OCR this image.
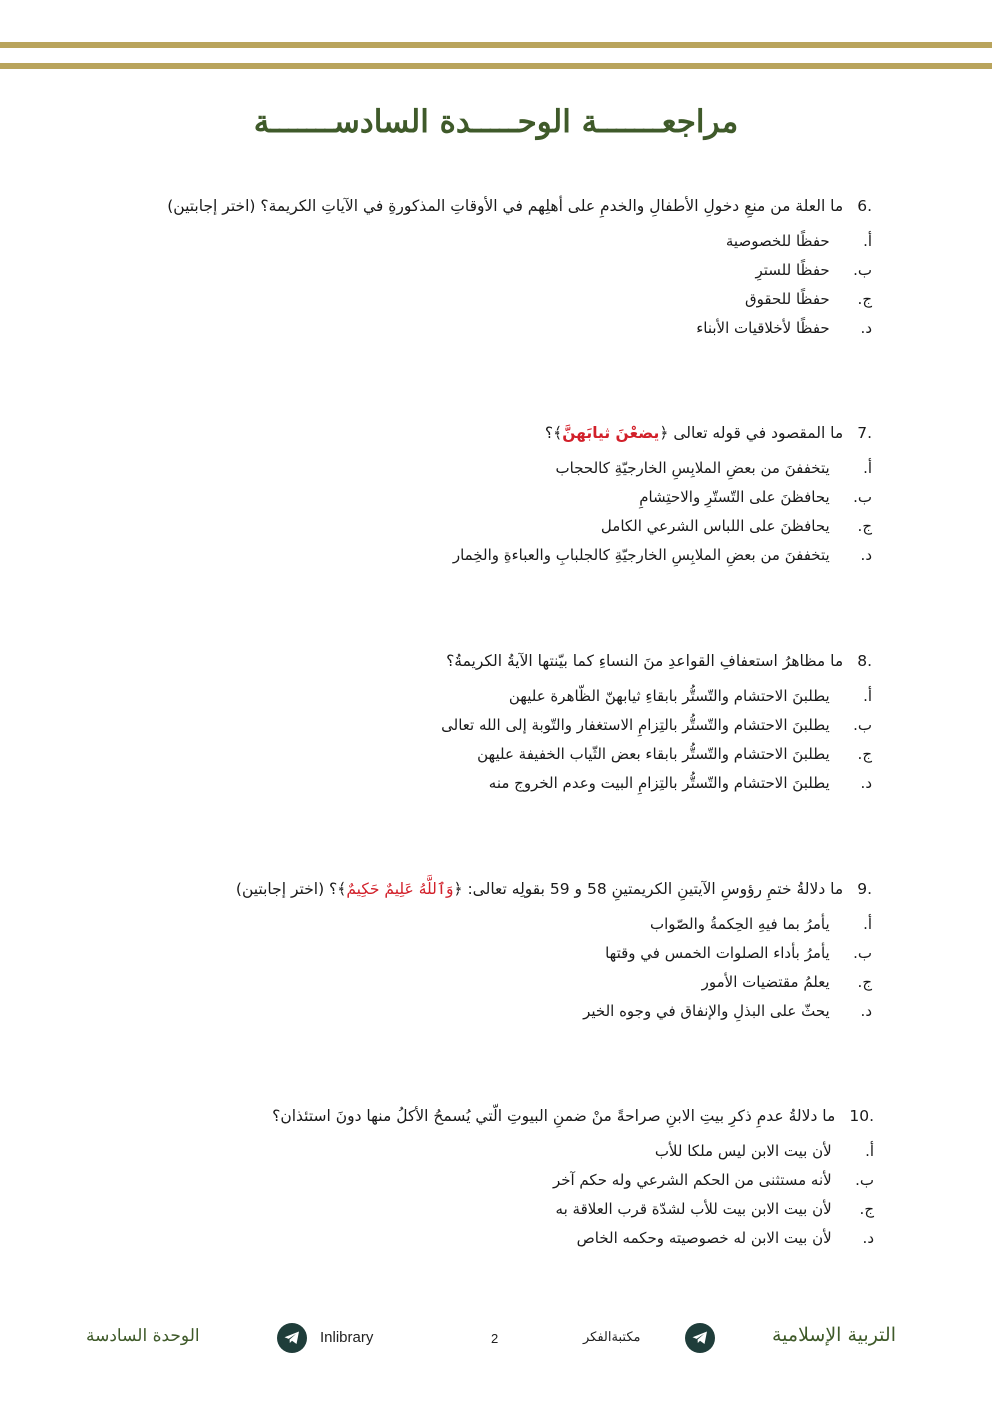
مراجعـــــــة الوحـــــدة السادســـــــة
6.ما العلة من منعِ دخولِ الأطفالِ والخدمِ على أهلِهم في الأوقاتِ المذكورةِ في الآياتِ الكريمة؟ (اختر إجابتين)
أ.   حفظًا للخصوصية
ب.   حفظًا للسترِ
ج.   حفظًا للحقوق
د.   حفظًا لأخلاقيات الأبناء
7.ما المقصود في قوله تعالى ﴿يضعْنَ ثيابَهنَّ﴾؟
أ.   يتخففنَ من بعضِ الملابِسِ الخارجيّةِ كالحجاب
ب.   يحافظنَ على التّستّرِ والاحتِشامِ
ج.   يحافظنَ على اللباس الشرعي الكامل
د.   يتخففنَ من بعضِ الملابِسِ الخارجيّةِ كالجلبابِ والعباءةِ والخِمار
8.ما مظاهرُ استعفافِ القواعدِ منَ النساءِ كما بيّنتها الآيةُ الكريمةُ؟
أ.   يطلبنَ الاحتشام والتّستُّر بابقاءِ ثيابهنّ الظّاهرة عليهن
ب.   يطلبنَ الاحتشام والتّستُّر بالتِزامِ الاستغفار والتّوبة إلى الله تعالى
ج.   يطلبنَ الاحتشام والتّستُّر بابقاء بعض الثّياب الخفيفة عليهن
د.   يطلبنَ الاحتشام والتّستُّر بالتِزامِ البيت وعدم الخروج منه
9.ما دلالةُ ختمِ رؤوسِ الآيتينِ الكريمتينِ 58 و 59 بقولِه تعالى: ﴿وَٱللَّهُ عَلِيمٌ حَكِيمٌ﴾؟ (اختر إجابتين)
أ.   يأمرُ بما فيهِ الحِكمةُ والصّواب
ب.   يأمرُ بأداء الصلوات الخمس في وقتها
ج.   يعلمُ مقتضيات الأمور
د.   يحثّ على البذلِ والإنفاق في وجوه الخير
10.ما دلالةُ عدمِ ذكرِ بيتِ الابنِ صراحةً منْ ضمنِ البيوتِ الّتي يُسمحُ الأكلُ منها دونَ استئذان؟
أ.   لأن بيت الابن ليس ملكا للأب
ب.   لأنه مستثنى من الحكم الشرعي وله حكم آخر
ج.   لأن بيت الابن بيت للأب لشدّة قرب العلاقة به
د.   لأن بيت الابن له خصوصيته وحكمه الخاص
التربية الإسلامية
مكتبةالفكر
2
Inlibrary
الوحدة السادسة
